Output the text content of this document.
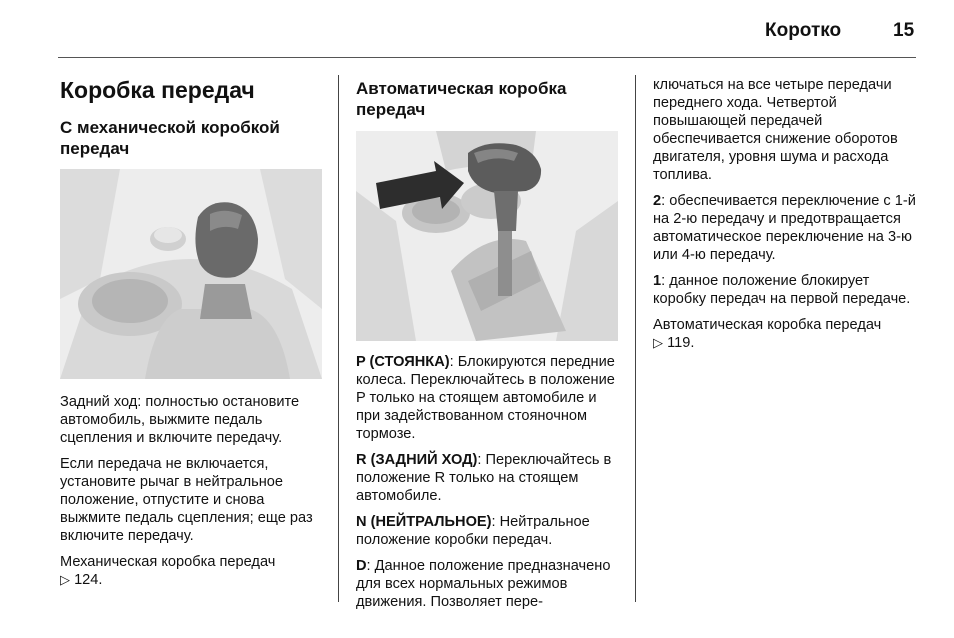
Коротко	15
Коробка передач
С механической коробкой передач

Задний ход: полностью остановите автомобиль, выжмите педаль сцепления и включите передачу.

Если передача не включается, установите рычаг в нейтральное положение, отпустите и снова выжмите педаль сцепления; еще раз включите передачу.

Механическая коробка передач
▷ 124.

Автоматическая коробка передач

P (СТОЯНКА): Блокируются передние колеса. Переключайтесь в положение P только на стоящем автомобиле и при задействованном стояночном тормозе.

R (ЗАДНИЙ ХОД): Переключайтесь в положение R только на стоящем автомобиле.

N (НЕЙТРАЛЬНОЕ): Нейтральное положение коробки передач.

D: Данное положение предназначено для всех нормальных режимов движения. Позволяет пере-

ключаться на все четыре передачи переднего хода. Четвертой повышающей передачей обеспечивается снижение оборотов двигателя, уровня шума и расхода топлива.

2: обеспечивается переключение с 1-й на 2-ю передачу и предотвращается автоматическое переключение на 3-ю или 4-ю передачу.

1: данное положение блокирует коробку передач на первой передаче.

Автоматическая коробка передач
▷ 119.
